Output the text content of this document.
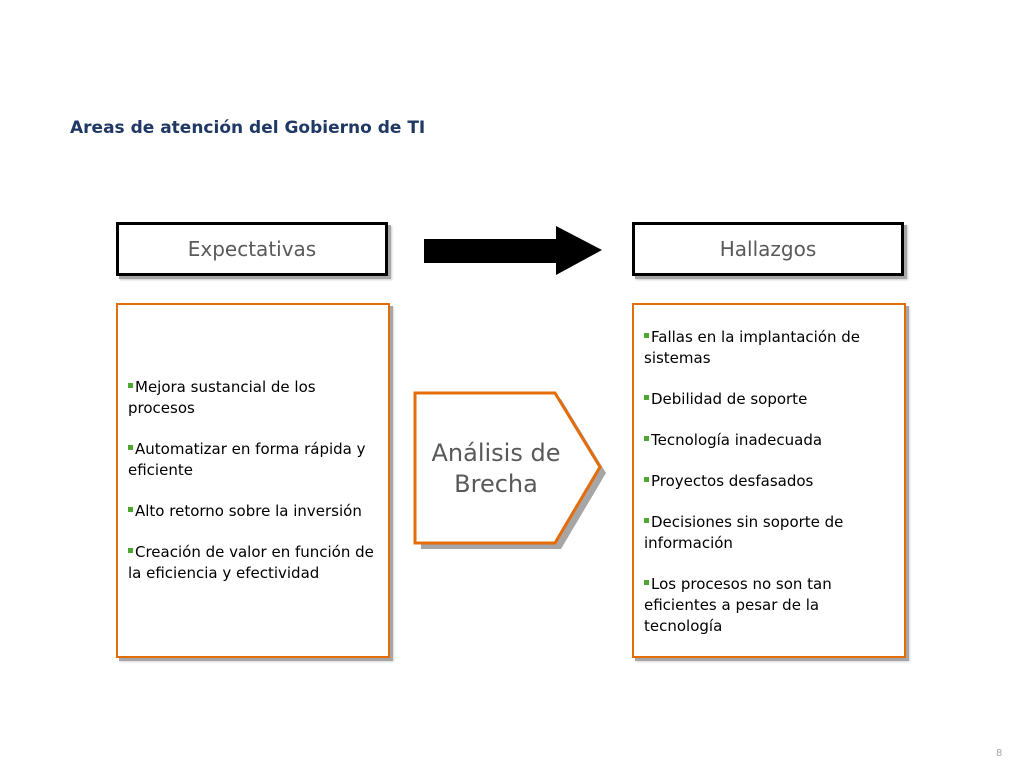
Areas de atención del Gobierno de TI
Expectativas	Hallazgos
Mejora sustancial de los procesos
Automatizar en forma rápida y eficiente
Alto retorno sobre la inversión
Creación de valor en función de la eficiencia y efectividad
Análisis de
Brecha
Fallas en la implantación de sistemas
Debilidad de soporte
Tecnología inadecuada
Proyectos desfasados
Decisiones sin soporte de información
Los procesos no son tan eficientes a pesar de la tecnología
8
